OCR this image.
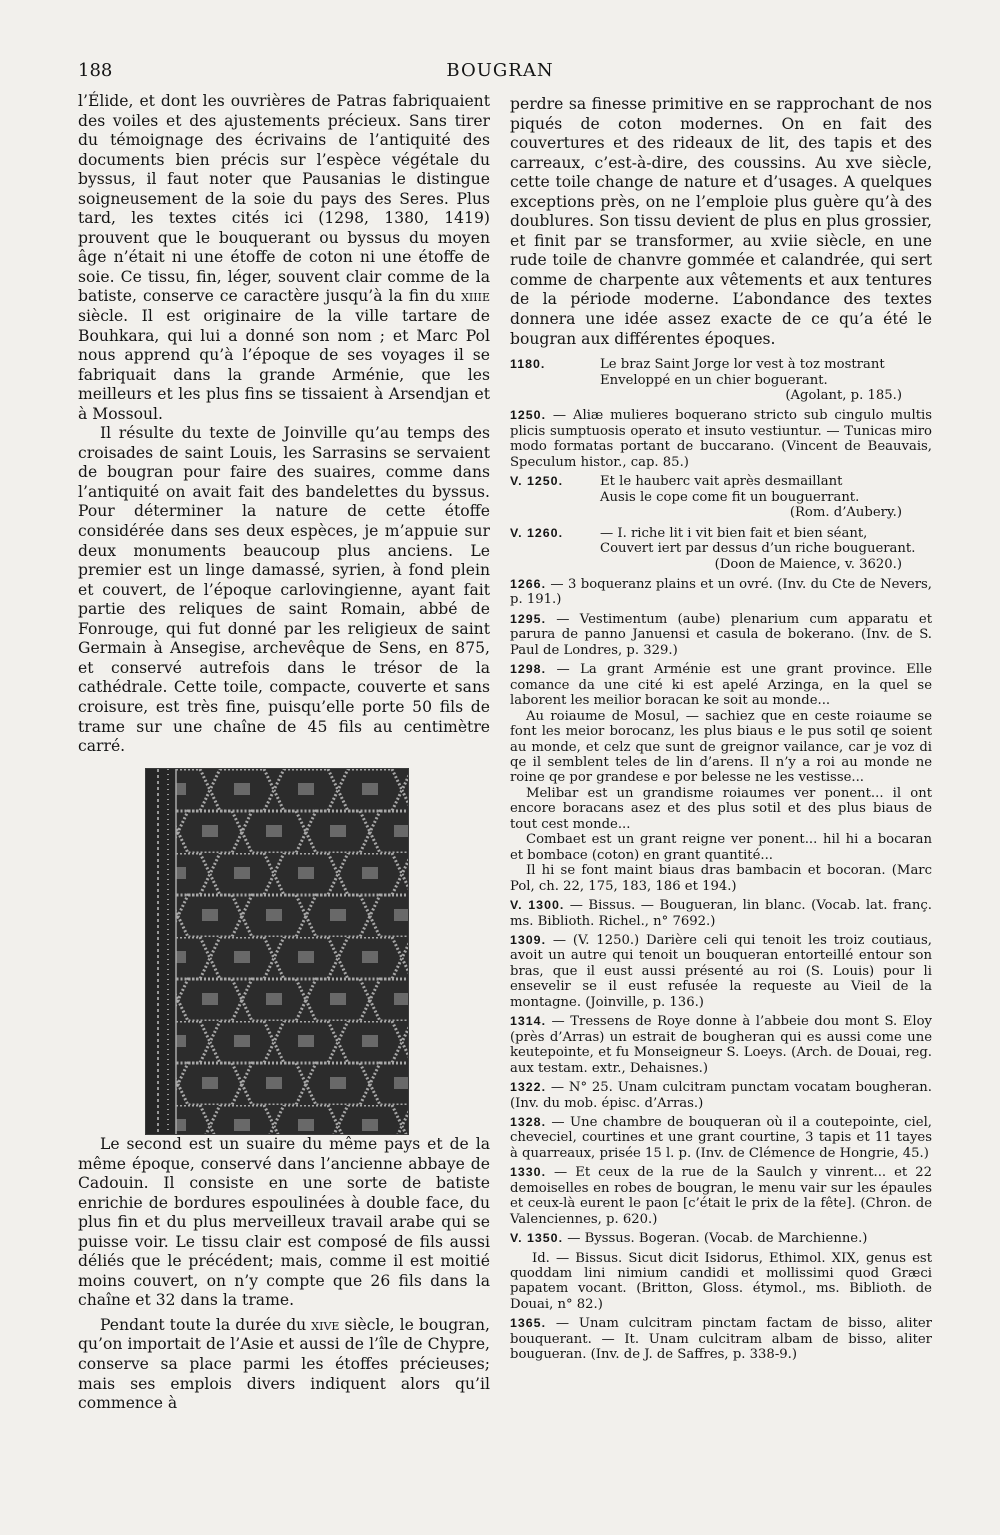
188	BOUGRAN

l’Élide, et dont les ouvrières de Patras fabriquaient des voiles et des ajustements précieux. Sans tirer du témoignage des écrivains de l’antiquité des documents bien précis sur l’espèce végétale du byssus, il faut noter que Pausanias le distingue soigneusement de la soie du pays des Seres. Plus tard, les textes cités ici (1298, 1380, 1419) prouvent que le bouquerant ou byssus du moyen âge n’était ni une étoffe de coton ni une étoffe de soie. Ce tissu, fin, léger, souvent clair comme de la batiste, conserve ce caractère jusqu’à la fin du xiiie siècle. Il est originaire de la ville tartare de Bouhkara, qui lui a donné son nom ; et Marc Pol nous apprend qu’à l’époque de ses voyages il se fabriquait dans la grande Arménie, que les meilleurs et les plus fins se tissaient à Arsendjan et à Mossoul.

Il résulte du texte de Joinville qu’au temps des croisades de saint Louis, les Sarrasins se servaient de bougran pour faire des suaires, comme dans l’antiquité on avait fait des bandelettes du byssus. Pour déterminer la nature de cette étoffe considérée dans ses deux espèces, je m’appuie sur deux monuments beaucoup plus anciens. Le premier est un linge damassé, syrien, à fond plein et couvert, de l’époque carlovingienne, ayant fait partie des reliques de saint Romain, abbé de Fonrouge, qui fut donné par les religieux de saint Germain à Ansegise, archevêque de Sens, en 875, et conservé autrefois dans le trésor de la cathédrale. Cette toile, compacte, couverte et sans croisure, est très fine, puisqu’elle porte 50 fils de trame sur une chaîne de 45 fils au centimètre carré.

Le second est un suaire du même pays et de la même époque, conservé dans l’ancienne abbaye de Cadouin. Il consiste en une sorte de batiste enrichie de bordures espoulinées à double face, du plus fin et du plus merveilleux travail arabe qui se puisse voir. Le tissu clair est composé de fils aussi déliés que le précédent; mais, comme il est moitié moins couvert, on n’y compte que 26 fils dans la chaîne et 32 dans la trame.

Pendant toute la durée du xive siècle, le bougran, qu’on importait de l’Asie et aussi de l’île de Chypre, conserve sa place parmi les étoffes précieuses; mais ses emplois divers indiquent alors qu’il commence à

perdre sa finesse primitive en se rapprochant de nos piqués de coton modernes. On en fait des couvertures et des rideaux de lit, des tapis et des carreaux, c’est-à-dire, des coussins. Au xve siècle, cette toile change de nature et d’usages. A quelques exceptions près, on ne l’emploie plus guère qu’à des doublures. Son tissu devient de plus en plus grossier, et finit par se transformer, au xviie siècle, en une rude toile de chanvre gommée et calandrée, qui sert comme de charpente aux vêtements et aux tentures de la période moderne. L’abondance des textes donnera une idée assez exacte de ce qu’a été le bougran aux différentes époques.

1180.	Le braz Saint Jorge lor vest à toz mostrant
Enveloppé en un chier boguerant.
(Agolant, p. 185.)

1250. — Aliæ mulieres boquerano stricto sub cingulo multis plicis sumptuosis operato et insuto vestiuntur. — Tunicas miro modo formatas portant de buccarano. (Vincent de Beauvais, Speculum histor., cap. 85.)

V. 1250.	Et le hauberc vait après desmaillant
Ausis le cope come fit un bouguerrant.
(Rom. d’Aubery.)
V. 1260.	— I. riche lit i vit bien fait et bien séant,
Couvert iert par dessus d’un riche bouguerant.
(Doon de Maience, v. 3620.)

1266. — 3 boqueranz plains et un ovré. (Inv. du Cte de Nevers, p. 191.)

1295. — Vestimentum (aube) plenarium cum apparatu et parura de panno Januensi et casula de bokerano. (Inv. de S. Paul de Londres, p. 329.)

1298. — La grant Arménie est une grant province. Elle comance da une cité ki est apelé Arzinga, en la quel se laborent les meilior boracan ke soit au monde...
Au roiaume de Mosul, — sachiez que en ceste roiaume se font les meior borocanz, les plus biaus e le pus sotil qe soient au monde, et celz que sunt de greignor vailance, car je voz di qe il semblent teles de lin d’arens. Il n’y a roi au monde ne roine qe por grandese e por belesse ne les vestisse...
Melibar est un grandisme roiaumes ver ponent... il ont encore boracans asez et des plus sotil et des plus biaus de tout cest monde...
Combaet est un grant reigne ver ponent... hil hi a bocaran et bombace (coton) en grant quantité...
Il hi se font maint biaus dras bambacin et bocoran. (Marc Pol, ch. 22, 175, 183, 186 et 194.)

V. 1300. — Bissus. — Bougueran, lin blanc. (Vocab. lat. franç. ms. Biblioth. Richel., n° 7692.)

1309. — (V. 1250.) Darière celi qui tenoit les troiz coutiaus, avoit un autre qui tenoit un bouqueran entorteillé entour son bras, que il eust aussi présenté au roi (S. Louis) pour li ensevelir se il eust refusée la requeste au Vieil de la montagne. (Joinville, p. 136.)

1314. — Tressens de Roye donne à l’abbeie dou mont S. Eloy (près d’Arras) un estrait de bougheran qui es aussi come une keutepointe, et fu Monseigneur S. Loeys. (Arch. de Douai, reg. aux testam. extr., Dehaisnes.)

1322. — N° 25. Unam culcitram punctam vocatam bougheran. (Inv. du mob. épisc. d’Arras.)

1328. — Une chambre de bouqueran où il a coutepointe, ciel, cheveciel, courtines et une grant courtine, 3 tapis et 11 tayes à quarreaux, prisée 15 l. p. (Inv. de Clémence de Hongrie, 45.)

1330. — Et ceux de la rue de la Saulch y vinrent... et 22 demoiselles en robes de bougran, le menu vair sur les épaules et ceux-là eurent le paon [c’était le prix de la fête]. (Chron. de Valenciennes, p. 620.)

V. 1350. — Byssus. Bogeran. (Vocab. de Marchienne.)

Id. — Bissus. Sicut dicit Isidorus, Ethimol. XIX, genus est quoddam lini nimium candidi et mollissimi quod Græci papatem vocant. (Britton, Gloss. étymol., ms. Biblioth. de Douai, n° 82.)

1365. — Unam culcitram pinctam factam de bisso, aliter bouquerant. — It. Unam culcitram albam de bisso, aliter bougueran. (Inv. de J. de Saffres, p. 338-9.)
